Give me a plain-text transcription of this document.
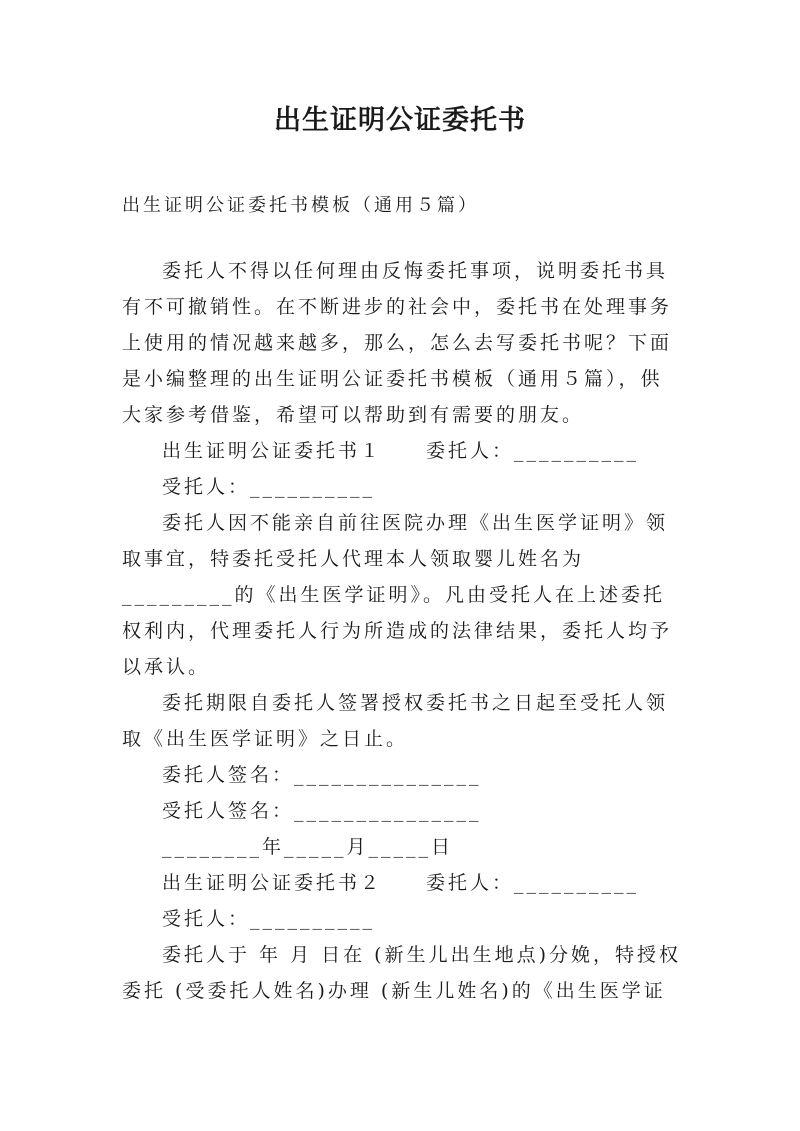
出生证明公证委托书
出生证明公证委托书模板（通用５篇）

委托人不得以任何理由反悔委托事项，说明委托书具有不可撤销性。在不断进步的社会中，委托书在处理事务上使用的情况越来越多，那么，怎么去写委托书呢？下面是小编整理的出生证明公证委托书模板（通用５篇），供大家参考借鉴，希望可以帮助到有需要的朋友。

出生证明公证委托书１ 委托人：__________

受托人：__________

委托人因不能亲自前往医院办理《出生医学证明》领取事宜，特委托受托人代理本人领取婴儿姓名为_________的《出生医学证明》。凡由受托人在上述委托权利内，代理委托人行为所造成的法律结果，委托人均予以承认。

委托期限自委托人签署授权委托书之日起至受托人领取《出生医学证明》之日止。

委托人签名：_______________

受托人签名：_______________

________年_____月_____日

出生证明公证委托书２ 委托人：__________

受托人：__________

委托人于 年 月 日在 (新生儿出生地点)分娩，特授权委托 (受委托人姓名)办理 (新生儿姓名)的《出生医学证
